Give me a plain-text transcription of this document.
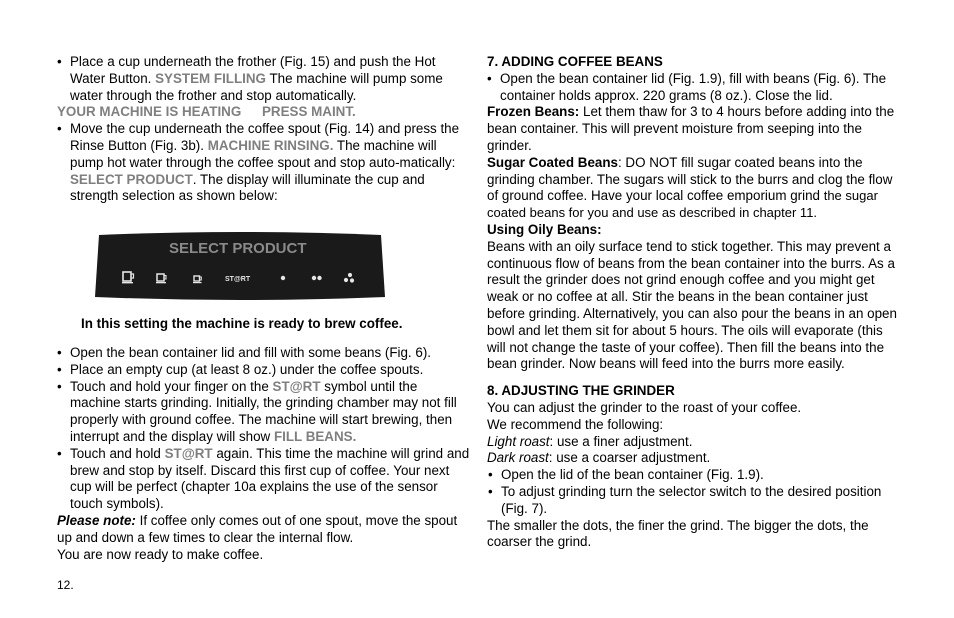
• Place a cup underneath the frother (Fig. 15) and push the Hot Water Button. SYSTEM FILLING The machine will pump some water through the frother and stop automatically.
YOUR MACHINE IS HEATING PRESS MAINT.
• Move the cup underneath the coffee spout (Fig. 14) and press the Rinse Button (Fig. 3b). MACHINE RINSING. The machine will pump hot water through the coffee spout and stop auto-matically: SELECT PRODUCT. The display will illuminate the cup and strength selection as shown below:
SELECT PRODUCT
ST@RT
In this setting the machine is ready to brew coffee.
• Open the bean container lid and fill with some beans (Fig. 6).
• Place an empty cup (at least 8 oz.) under the coffee spouts.
• Touch and hold your finger on the ST@RT symbol until the machine starts grinding. Initially, the grinding chamber may not fill properly with ground coffee. The machine will start brewing, then interrupt and the display will show FILL BEANS.
• Touch and hold ST@RT again. This time the machine will grind and brew and stop by itself. Discard this first cup of coffee. Your next cup will be perfect (chapter 10a explains the use of the sensor touch symbols).
Please note: If coffee only comes out of one spout, move the spout up and down a few times to clear the internal flow.
You are now ready to make coffee.
7. ADDING COFFEE BEANS
• Open the bean container lid (Fig. 1.9), fill with beans (Fig. 6). The container holds approx. 220 grams (8 oz.). Close the lid.
Frozen Beans: Let them thaw for 3 to 4 hours before adding into the bean container. This will prevent moisture from seeping into the grinder.
Sugar Coated Beans: DO NOT fill sugar coated beans into the grinding chamber. The sugars will stick to the burrs and clog the flow of ground coffee. Have your local coffee emporium grind the sugar coated beans for you and use as described in chapter 11.
Using Oily Beans:
Beans with an oily surface tend to stick together. This may prevent a continuous flow of beans from the bean container into the burrs. As a result the grinder does not grind enough coffee and you might get weak or no coffee at all. Stir the beans in the bean container just before grinding. Alternatively, you can also pour the beans in an open bowl and let them sit for about 5 hours. The oils will evaporate (this will not change the taste of your coffee). Then fill the beans into the bean grinder. Now beans will feed into the burrs more easily.
8. ADJUSTING THE GRINDER
You can adjust the grinder to the roast of your coffee.
We recommend the following:
Light roast: use a finer adjustment.
Dark roast: use a coarser adjustment.
• Open the lid of the bean container (Fig. 1.9).
• To adjust grinding turn the selector switch to the desired position (Fig. 7).
The smaller the dots, the finer the grind. The bigger the dots, the coarser the grind.
12.
